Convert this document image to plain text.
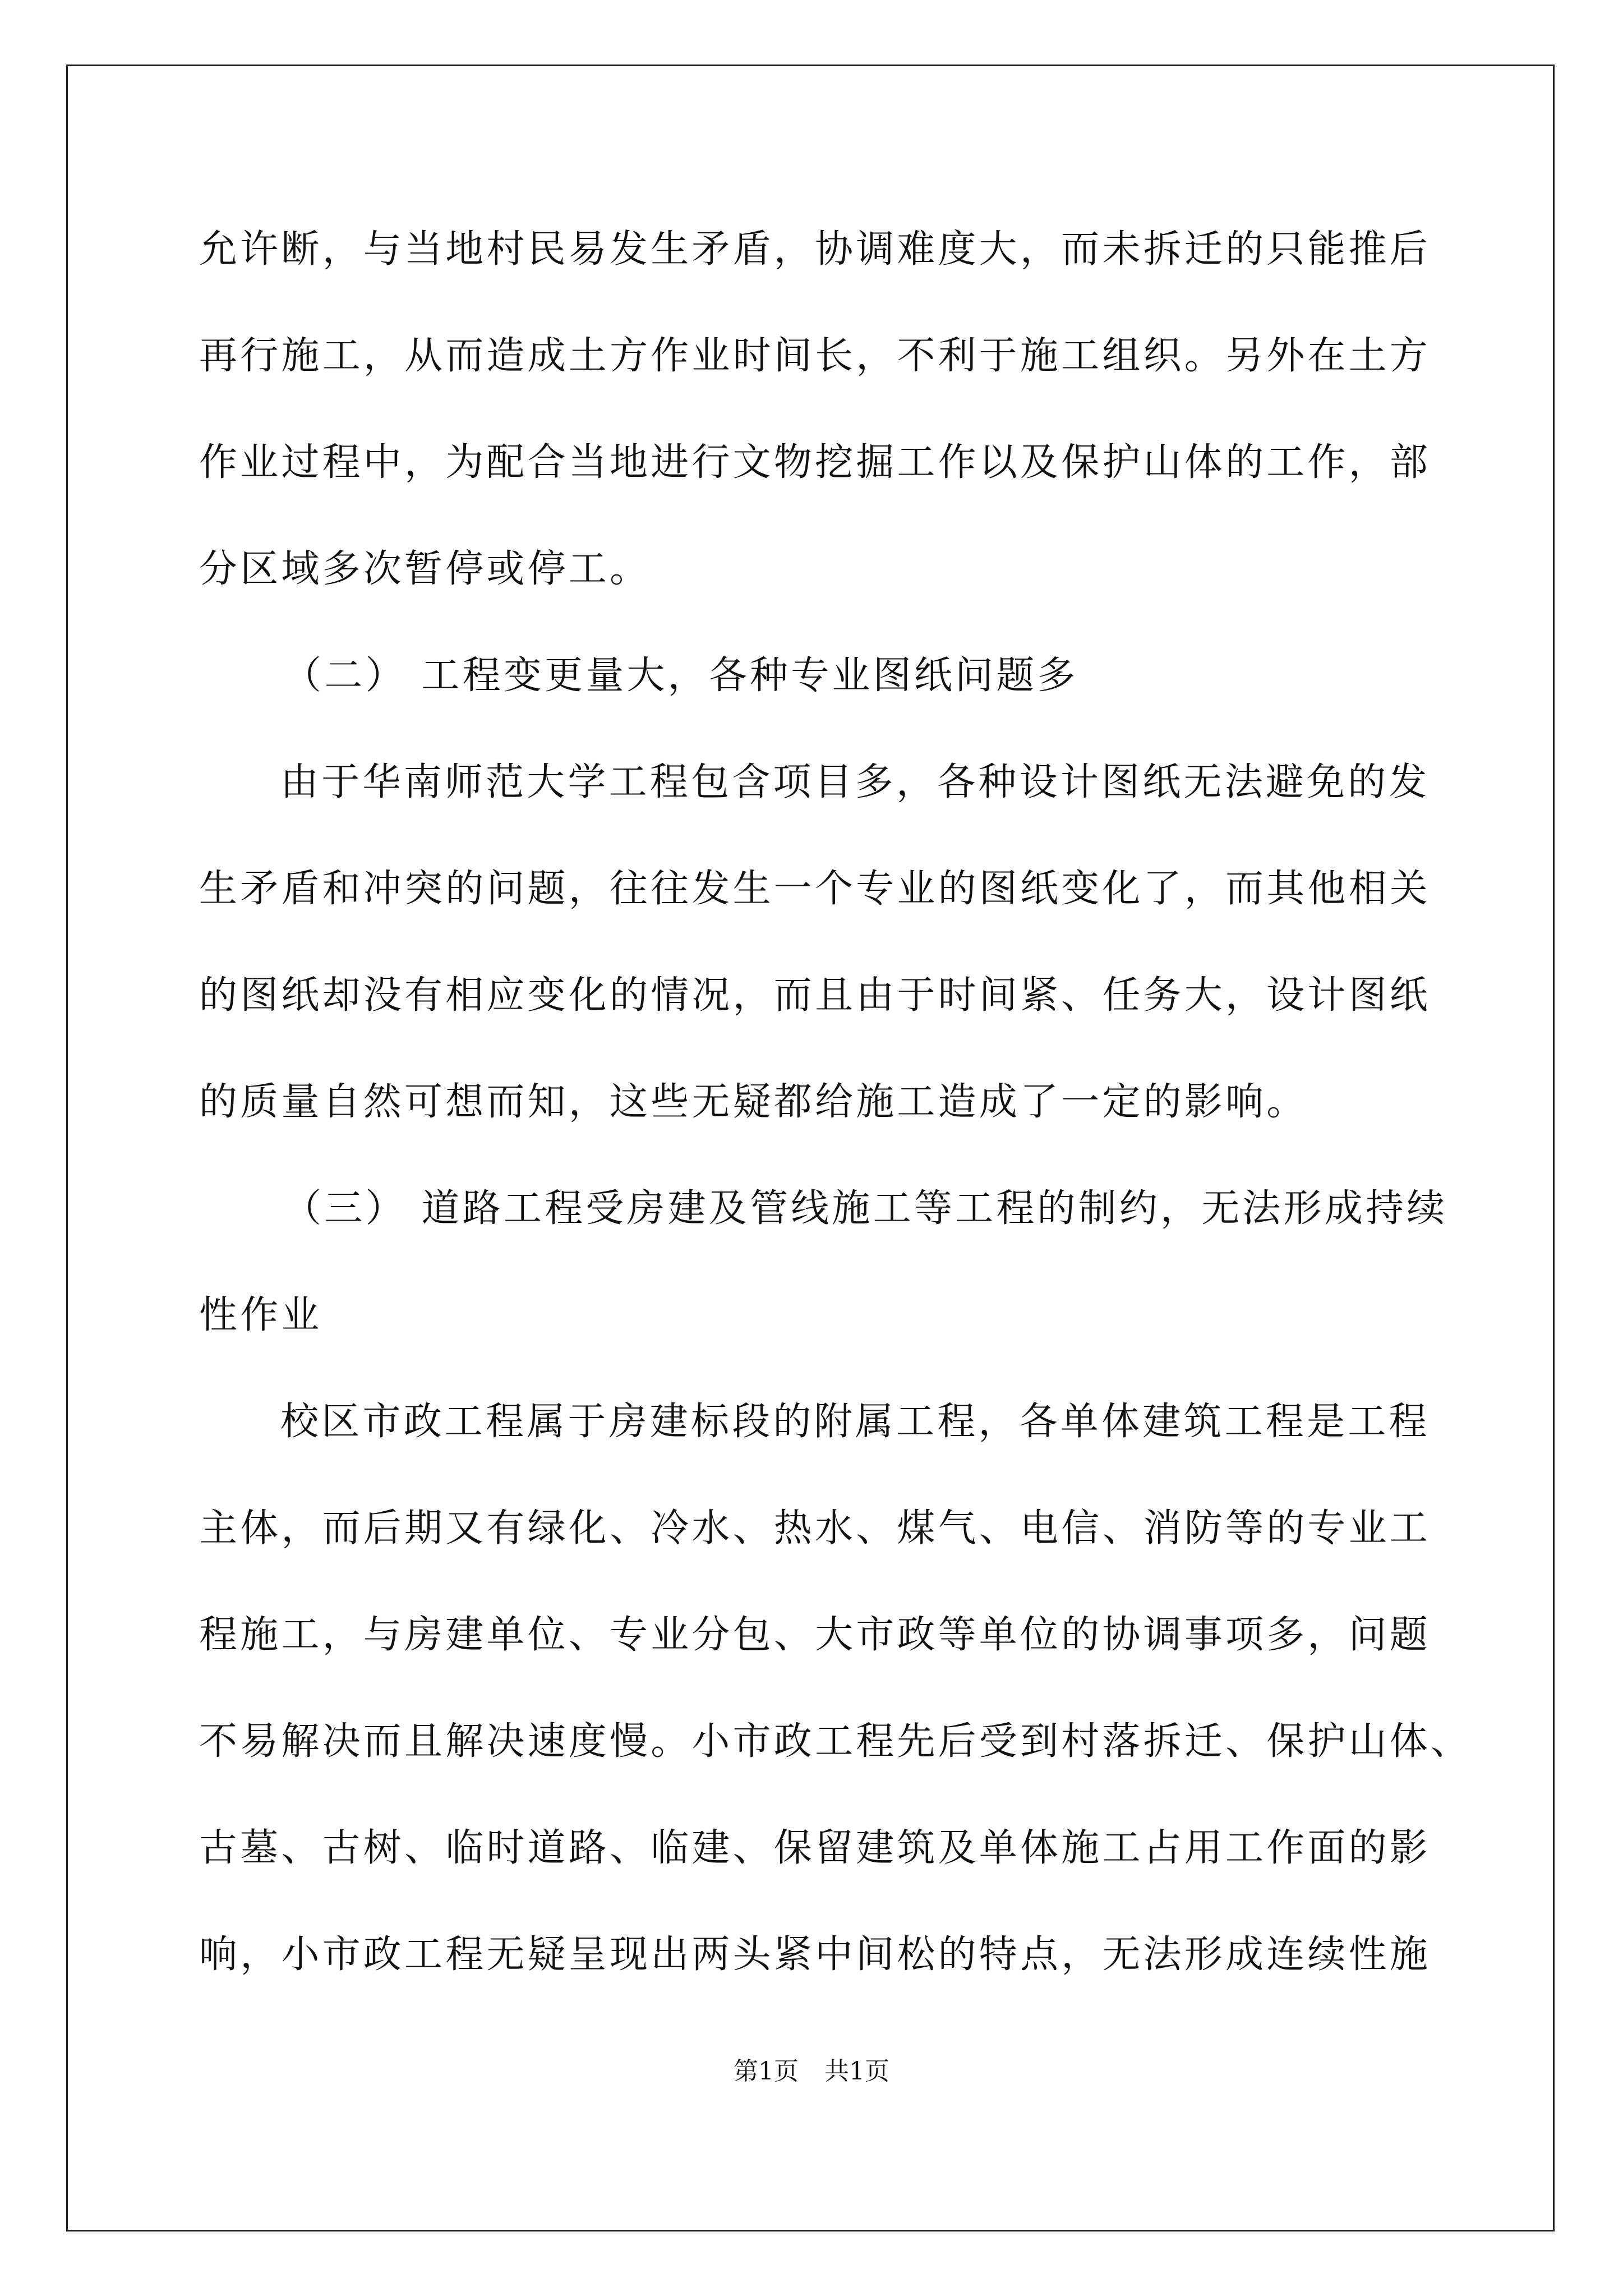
允许断，与当地村民易发生矛盾，协调难度大，而未拆迁的只能推后
再行施工，从而造成土方作业时间长，不利于施工组织。另外在土方
作业过程中，为配合当地进行文物挖掘工作以及保护山体的工作，部
分区域多次暂停或停工。
（二） 工程变更量大，各种专业图纸问题多
由于华南师范大学工程包含项目多，各种设计图纸无法避免的发
生矛盾和冲突的问题，往往发生一个专业的图纸变化了，而其他相关
的图纸却没有相应变化的情况，而且由于时间紧、任务大，设计图纸
的质量自然可想而知，这些无疑都给施工造成了一定的影响。
（三） 道路工程受房建及管线施工等工程的制约，无法形成持续
性作业
校区市政工程属于房建标段的附属工程，各单体建筑工程是工程
主体，而后期又有绿化、冷水、热水、煤气、电信、消防等的专业工
程施工，与房建单位、专业分包、大市政等单位的协调事项多，问题
不易解决而且解决速度慢。小市政工程先后受到村落拆迁、保护山体、
古墓、古树、临时道路、临建、保留建筑及单体施工占用工作面的影
响，小市政工程无疑呈现出两头紧中间松的特点，无法形成连续性施
第1页 共1页
